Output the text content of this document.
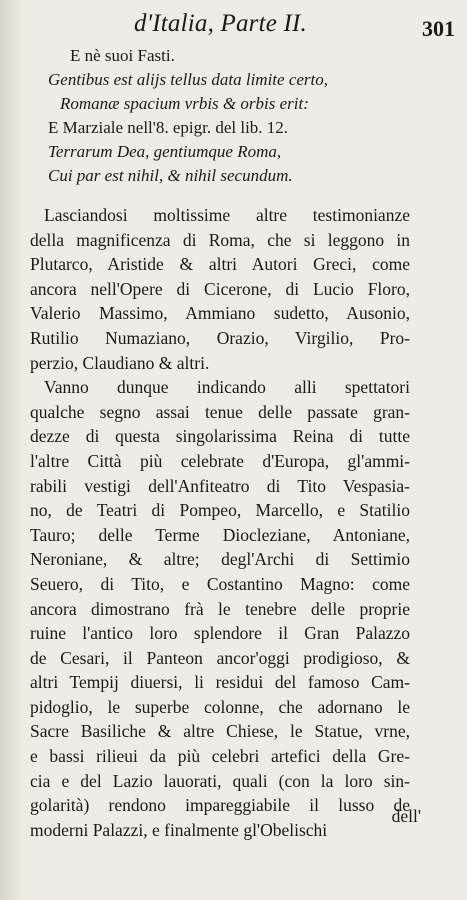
d'Italia, Parte II.	301
E nè suoi Fasti.
Gentibus est alijs tellus data limite certo,
Romanæ spacium vrbis & orbis erit:
E Marziale nell'8. epigr. del lib. 12.
Terrarum Dea, gentiumque Roma,
Cui par est nihil, & nihil secundum.
Lasciandosi moltissime altre testimonianze
della magnificenza di Roma, che si leggono in
Plutarco, Aristide & altri Autori Greci, come
ancora nell'Opere di Cicerone, di Lucio Floro,
Valerio Massimo, Ammiano sudetto, Ausonio,
Rutilio Numaziano, Orazio, Virgilio, Pro-
perzio, Claudiano & altri.
Vanno dunque indicando alli spettatori
qualche segno assai tenue delle passate gran-
dezze di questa singolarissima Reina di tutte
l'altre Città più celebrate d'Europa, gl'ammi-
rabili vestigi dell'Anfiteatro di Tito Vespasia-
no, de Teatri di Pompeo, Marcello, e Statilio
Tauro; delle Terme Diocleziane, Antoniane,
Neroniane, & altre; degl'Archi di Settimio
Seuero, di Tito, e Costantino Magno: come
ancora dimostrano frà le tenebre delle proprie
ruine l'antico loro splendore il Gran Palazzo
de Cesari, il Panteon ancor'oggi prodigioso, &
altri Tempij diuersi, li residui del famoso Cam-
pidoglio, le superbe colonne, che adornano le
Sacre Basiliche & altre Chiese, le Statue, vrne,
e bassi rilieui da più celebri artefici della Gre-
cia e del Lazio lauorati, quali (con la loro sin-
golarità) rendono impareggiabile il lusso de
moderni Palazzi, e finalmente gl'Obelischi
dell'
